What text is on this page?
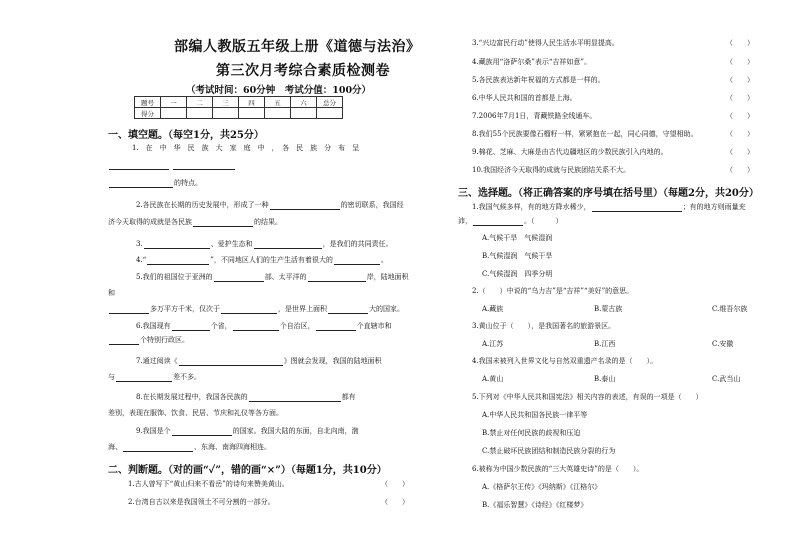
部编人教版五年级上册《道德与法治》
第三次月考综合素质检测卷
（考试时间：60分钟　考试分值：100分）
题号	一	二	三	四	五	六	总分
得分							
一、填空题。（每空1分，共25分）
1.　在　中　华　民　族　大　家　庭　中　，　各　民　族　分　布　呈

的特点。
2.各民族在长期的历史发展中，形成了一种	的密切联系，我国经
济今天取得的成就是各民族	的结果。
3.	、爱护生态和	，是我们的共同责任。
4.“	”，不同地区人们的生产生活有着很大的	。
5.我们的祖国位于亚洲的	部、太平洋的	岸，陆地面积
和
多万平方千米，仅次于	，是世界上面积	大的国家。
6.我国现有	个省，	个自治区，	个直辖市和
个特别行政区。
7.通过阅读《	》图就会发现，我国的陆地面积
与	差不多。
8.在长期发展过程中，我国各民族的	都有
差别，表现在服饰、饮食、民居、节庆和礼仪等各方面。
9.我国是个	的国家。我国大陆的东面，自北向南，渤
海、	、东海、南海四海相连。
二、判断题。（对的画“✓”，错的画“×”）（每题1分，共10分）
1.古人曾写下“黄山归来不看岳”的诗句来赞美黄山。	（　　）
2.台湾自古以来是我国领土不可分割的一部分。	（　　）
3.“兴边富民行动”使得人民生活水平明显提高。	（　　）
4.藏族用“洛萨尔桑”表示“吉祥如意”。	（　　）
5.各民族表达新年祝福的方式都是一样的。	（　　）
6.中华人民共和国的首都是上海。	（　　）
7.2006年7月1日，青藏铁路全线通车。	（　　）
8.我们55个民族要像石榴籽一样，紧紧抱在一起，同心同德，守望相助。	（　　）
9.棉花、芝麻、大麻是由古代边疆地区的少数民族引入内地的。	（　　）
10.我国经济今天取得的成就与民族团结关系不大。	（　　）
三、选择题。（将正确答案的序号填在括号里）（每题2分，共20分）
1.我国气候多样，有的地方降水稀少，	；有的地方则雨量充
沛，	。（　　　）
A.气候干旱　气候湿润
B.气候湿润　气候干旱
C.气候湿润　四季分明
2.（　　）中说的“乌力吉”是“吉祥”“美好”的意思。
A.藏族	B.蒙古族	C.维吾尔族
3.黄山位于（　　），是我国著名的旅游景区。
A.江苏	B.江西	C.安徽
4.我国未被列入世界文化与自然双重遗产名录的是（　　）。
A.黄山	B.泰山	C.武当山
5.下列对《中华人民共和国宪法》相关内容的表述，有误的一项是（　　）
A.中华人民共和国各民族一律平等
B.禁止对任何民族的歧视和压迫
C.禁止破坏民族团结和制造民族分裂的行为
6.被称为中国少数民族的“三大英雄史诗”的是（　　）。
A.《格萨尔王传》《玛纳斯》《江格尔》
B.《福乐智慧》《诗经》《红楼梦》
